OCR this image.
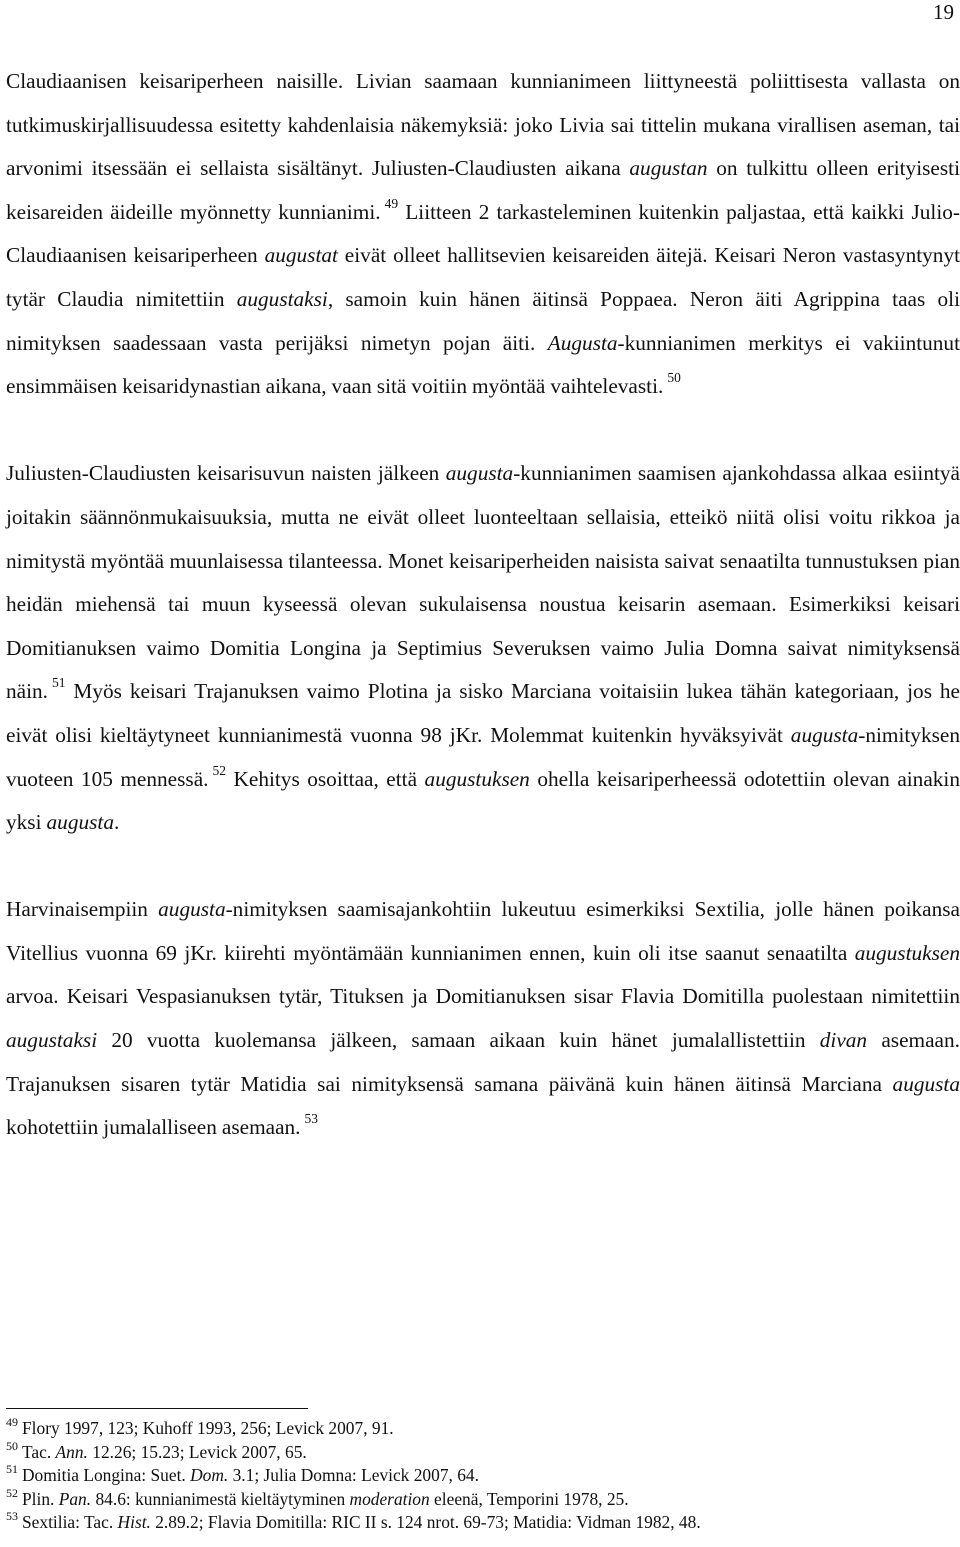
19

Claudiaanisen keisariperheen naisille. Livian saamaan kunnianimeen liittyneestä poliittisesta vallasta on tutkimuskirjallisuudessa esitetty kahdenlaisia näkemyksiä: joko Livia sai tittelin mukana virallisen aseman, tai arvonimi itsessään ei sellaista sisältänyt. Juliusten-Claudiusten aikana augustan on tulkittu olleen erityisesti keisareiden äideille myönnetty kunnianimi. $^{49}$ Liitteen 2 tarkasteleminen kuitenkin paljastaa, että kaikki Julio-Claudiaanisen keisariperheen augustat eivät olleet hallitsevien keisareiden äitejä. Keisari Neron vastasyntynyt tytär Claudia nimitettiin augustaksi, samoin kuin hänen äitinsä Poppaea. Neron äiti Agrippina taas oli nimityksen saadessaan vasta perijäksi nimetyn pojan äiti. Augusta-kunnianimen merkitys ei vakiintunut ensimmäisen keisaridynastian aikana, vaan sitä voitiin myöntää vaihtelevasti. $^{50}$

Juliusten-Claudiusten keisarisuvun naisten jälkeen augusta-kunnianimen saamisen ajankohdassa alkaa esiintyä joitakin säännönmukaisuuksia, mutta ne eivät olleet luonteeltaan sellaisia, etteikö niitä olisi voitu rikkoa ja nimitystä myöntää muunlaisessa tilanteessa. Monet keisariperheiden naisista saivat senaatilta tunnustuksen pian heidän miehensä tai muun kyseessä olevan sukulaisensa noustua keisarin asemaan. Esimerkiksi keisari Domitianuksen vaimo Domitia Longina ja Septimius Severuksen vaimo Julia Domna saivat nimityksensä näin. $^{51}$ Myös keisari Trajanuksen vaimo Plotina ja sisko Marciana voitaisiin lukea tähän kategoriaan, jos he eivät olisi kieltäytyneet kunnianimestä vuonna 98 jKr. Molemmat kuitenkin hyväksyivät augusta-nimityksen vuoteen 105 mennessä. $^{52}$ Kehitys osoittaa, että augustuksen ohella keisariperheessä odotettiin olevan ainakin yksi augusta.

Harvinaisempiin augusta-nimityksen saamisajankohtiin lukeutuu esimerkiksi Sextilia, jolle hänen poikansa Vitellius vuonna 69 jKr. kiirehti myöntämään kunnianimen ennen, kuin oli itse saanut senaatilta augustuksen arvoa. Keisari Vespasianuksen tytär, Tituksen ja Domitianuksen sisar Flavia Domitilla puolestaan nimitettiin augustaksi 20 vuotta kuolemansa jälkeen, samaan aikaan kuin hänet jumalallistettiin divan asemaan. Trajanuksen sisaren tytär Matidia sai nimityksensä samana päivänä kuin hänen äitinsä Marciana augusta kohotettiin jumalalliseen asemaan. $^{53}$

$^{49}$ Flory 1997, 123; Kuhoff 1993, 256; Levick 2007, 91.
$^{50}$ Tac. Ann. 12.26; 15.23; Levick 2007, 65.
$^{51}$ Domitia Longina: Suet. Dom. 3.1; Julia Domna: Levick 2007, 64.
$^{52}$ Plin. Pan. 84.6: kunnianimestä kieltäytyminen moderation eleenä, Temporini 1978, 25.
$^{53}$ Sextilia: Tac. Hist. 2.89.2; Flavia Domitilla: RIC II s. 124 nrot. 69-73; Matidia: Vidman 1982, 48.
